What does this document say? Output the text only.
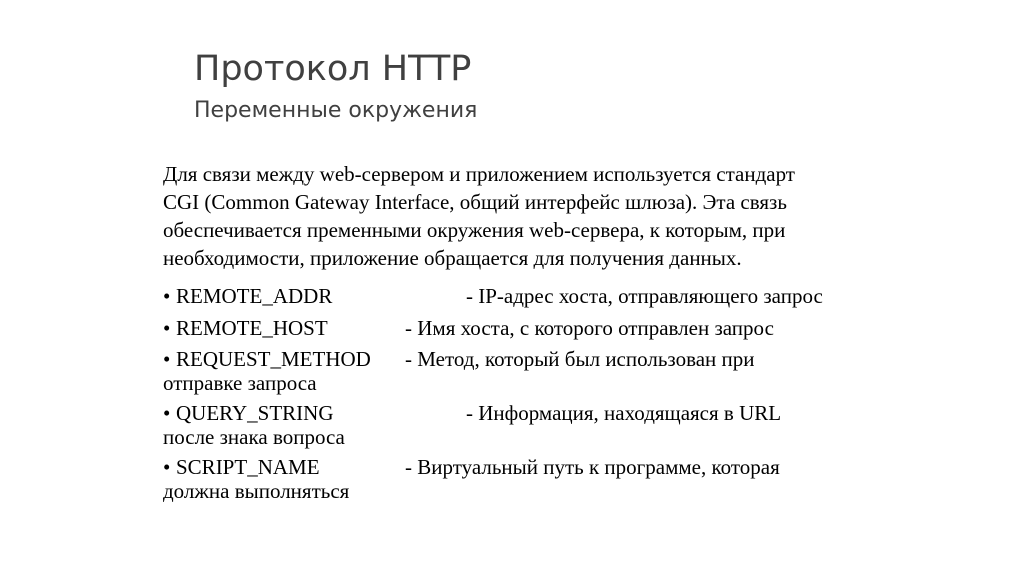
Протокол HTTP
Переменные окружения
Для связи между web-сервером и приложением используется стандарт
CGI (Common Gateway Interface, общий интерфейс шлюза). Эта связь
обеспечивается пременными окружения web-сервера, к которым, при
необходимости, приложение обращается для получения данных.
• REMOTE_ADDR	- IP-адрес хоста, отправляющего запрос
• REMOTE_HOST	- Имя хоста, с которого отправлен запрос
• REQUEST_METHOD - Метод, который был использован при
отправке запроса
• QUERY_STRING	- Информация, находящаяся в URL
после знака вопроса
• SCRIPT_NAME	- Виртуальный путь к программе, которая
должна выполняться
